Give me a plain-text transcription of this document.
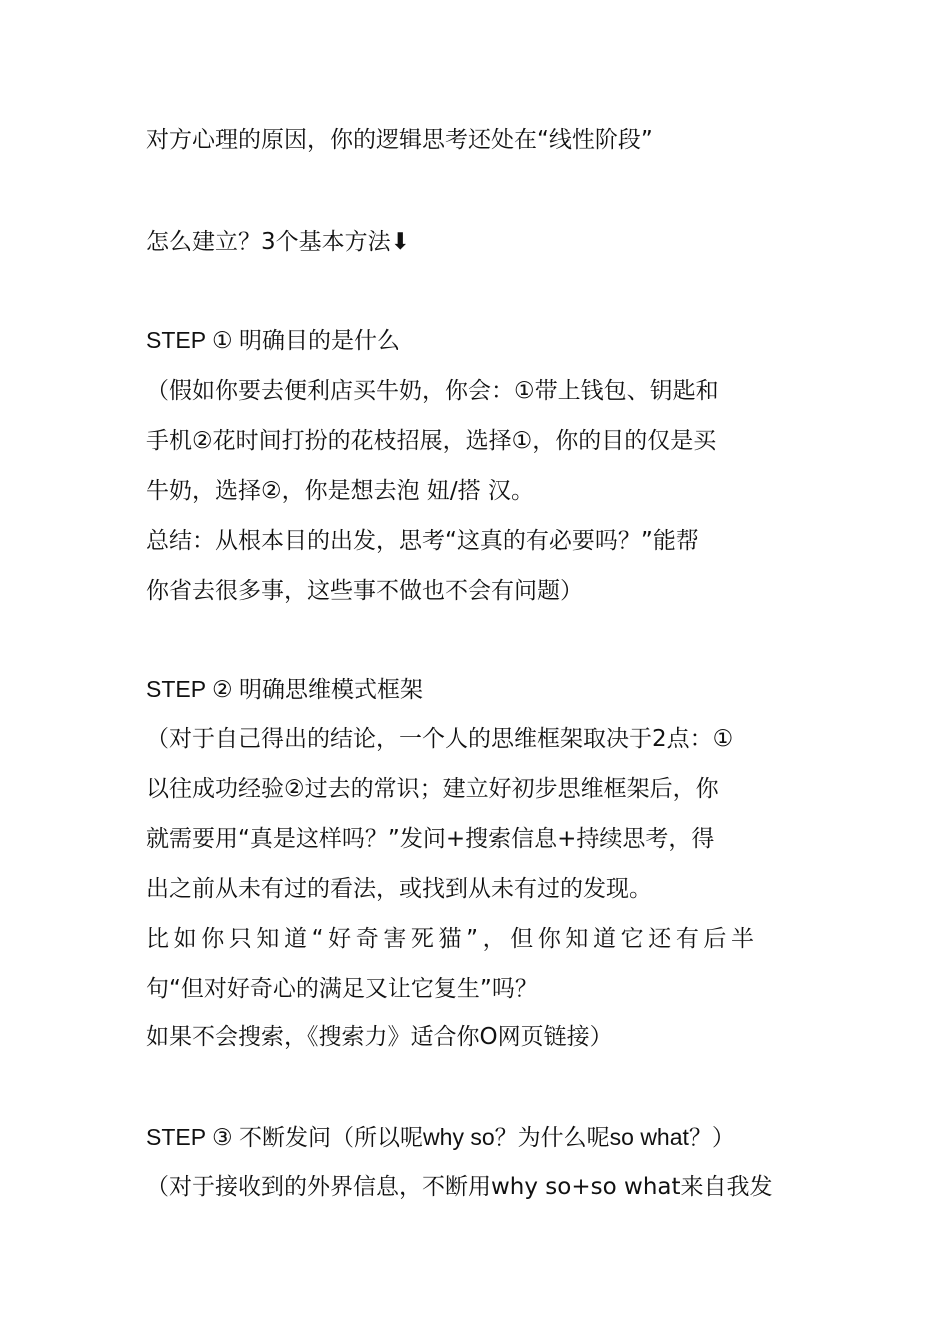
对方心理的原因，你的逻辑思考还处在“线性阶段”
怎么建立？3个基本方法⬇
STEP ① 明确目的是什么
（假如你要去便利店买牛奶，你会：①带上钱包、钥匙和
手机②花时间打扮的花枝招展，选择①，你的目的仅是买
牛奶，选择②，你是想去泡 妞/搭 汉。
总结：从根本目的出发，思考“这真的有必要吗？”能帮
你省去很多事，这些事不做也不会有问题）
STEP ② 明确思维模式框架
（对于自己得出的结论，一个人的思维框架取决于2点：①
以往成功经验②过去的常识；建立好初步思维框架后，你
就需要用“真是这样吗？”发问+搜索信息+持续思考，得
出之前从未有过的看法，或找到从未有过的发现。
比如你只知道“好奇害死猫”，但你知道它还有后半
句“但对好奇心的满足又让它复生”吗？
如果不会搜索，《搜索力》适合你O网页链接）
STEP ③ 不断发问（所以呢why so？为什么呢so what？）
（对于接收到的外界信息，不断用why so+so what来自我发
